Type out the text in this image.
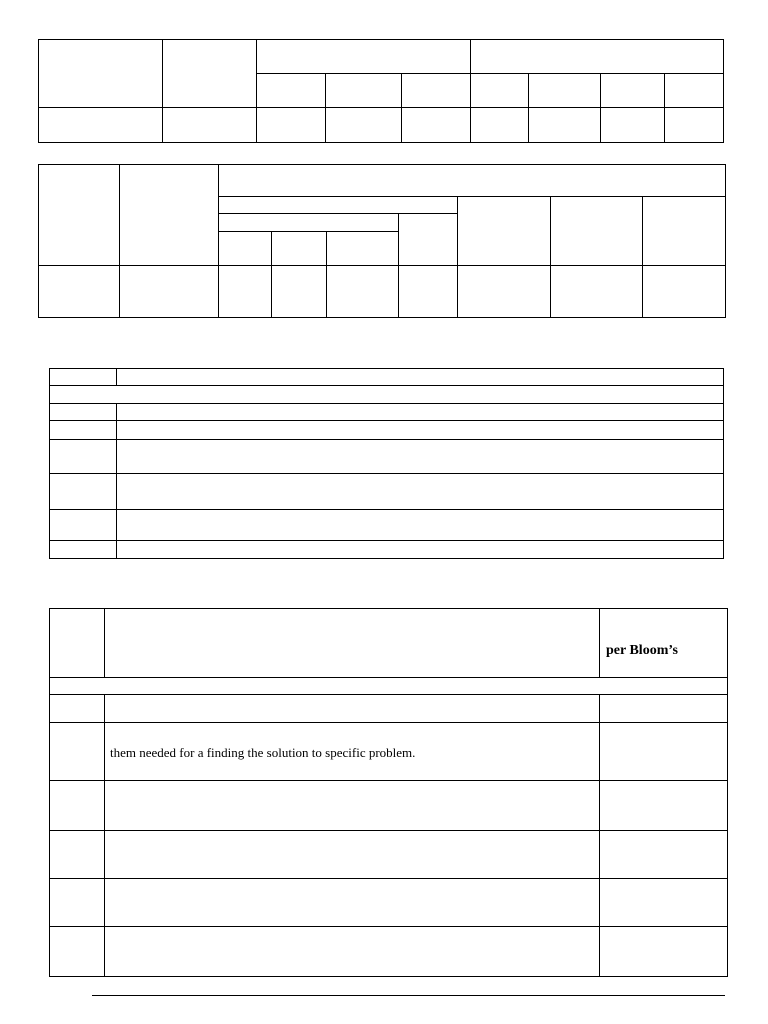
per Bloom’s
them needed for a finding the solution to specific problem.
